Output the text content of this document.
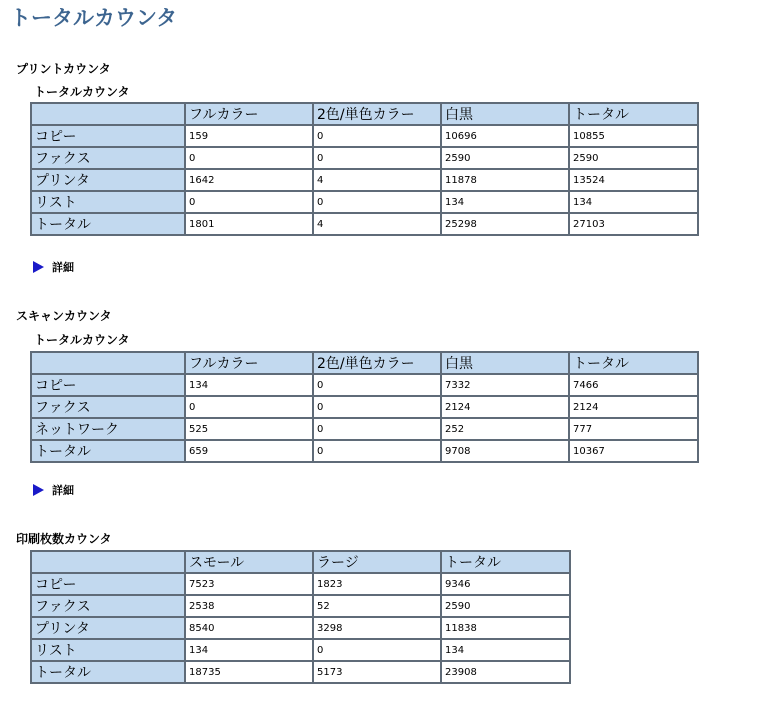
トータルカウンタ
プリントカウンタ
トータルカウンタ
	フルカラー	2色/単色カラー	白黒	トータル
コピー	159	0	10696	10855
ファクス	0	0	2590	2590
プリンタ	1642	4	11878	13524
リスト	0	0	134	134
トータル	1801	4	25298	27103
詳細
スキャンカウンタ
トータルカウンタ
	フルカラー	2色/単色カラー	白黒	トータル
コピー	134	0	7332	7466
ファクス	0	0	2124	2124
ネットワーク	525	0	252	777
トータル	659	0	9708	10367
詳細
印刷枚数カウンタ
	スモール	ラージ	トータル
コピー	7523	1823	9346
ファクス	2538	52	2590
プリンタ	8540	3298	11838
リスト	134	0	134
トータル	18735	5173	23908
